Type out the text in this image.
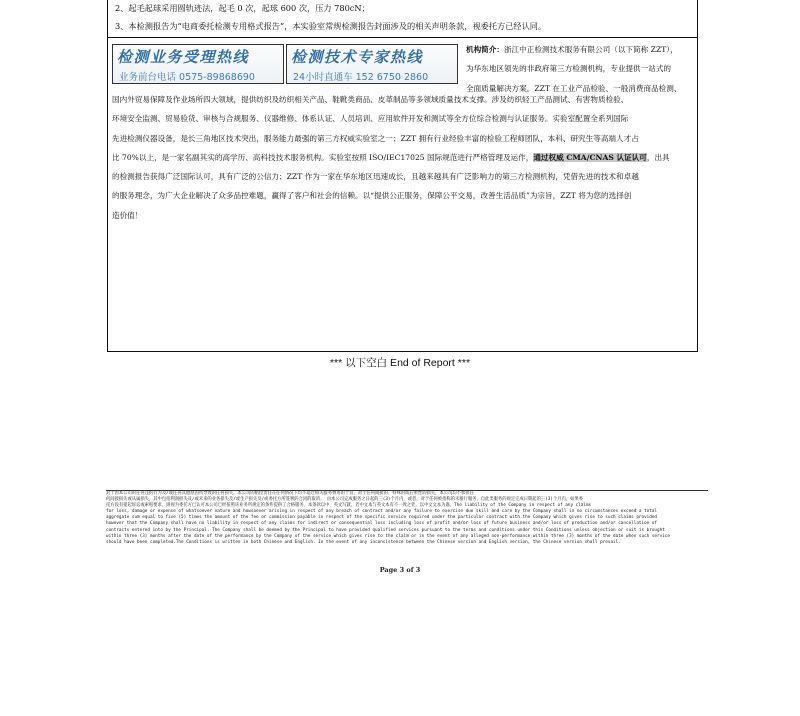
2、起毛起球采用圆轨迹法，起毛 0 次，起球 600 次，压力 780cN；
3、本检测报告为“电商委托检测专用格式报告”，本实验室常规检测报告封面涉及的相关声明条款，视委托方已经认同。
检测业务受理热线
业务前台电话 0575-89868690
检测技术专家热线
24小时直通车 152 6750 2860
机构简介：浙江中正检测技术服务有限公司（以下简称 ZZT），
为华东地区领先的非政府第三方检测机构，专业提供一站式的
全面质量解决方案。ZZT 在工业产品检验、一般消费商品检测、
国内外贸易保障及作业场所四大领域，提供纺织及纺织相关产品、鞋靴类商品、皮革制品等多领域质量技术支撑。涉及纺织轻工产品测试、有害物质检验、
环境安全监测、贸易验货、审核与合规服务、仪器维修、体系认证、人员培训、应用软件开发和测试等全方位综合检测与认证服务。实验室配置全系列国际
先进检测仪器设备，是长三角地区技术突出，服务能力最强的第三方权威实验室之一；ZZT 拥有行业经验丰富的检验工程师团队，本科、研究生等高端人才占
比 70%以上，是一家名副其实的高学历、高科技技术服务机构。实验室按照 ISO/IEC17025 国际规范进行严格管理及运作，通过权威 CMA/CNAS 认证认可，出具
的检测报告获得广泛国际认可，具有广泛的公信力；ZZT 作为一家在华东地区迅速成长，且越来越具有广泛影响力的第三方检测机构，凭借先进的技术和卓越
的服务理念，为广大企业解决了众多品控难题，赢得了客户和社会的信赖。以“提供公正服务，保障公平交易，改善生活品质”为宗旨，ZZT 将为您的选择创
造价值！
*** 以下空白 End of Report ***
对于因本公司的任何违约行为及/或任何其他原因所导致的任何损失，本公司的赔偿责任在任何情况下均不超过相关服务费用的十倍，对于任何间接的、特殊的或后果性的损失，本公司均不承担任
何间接损失或从属损失，其中包括利润损失及/或未来的业务损失及/或生产损失及/或委托方所签署的合同的取消。 由本公司完成服务之日起的三(3)个月内，或者，对于任何被指称的未履行服务，自此类服务的规定完成日期起的三(3)个月内，如果委
托方没有提起诉讼或索赔要求，则视为委托方已认可本公司已经按照该业务所规定的条件提供了合格服务。本条款以中、英文写就，若中文本与英文本有不一致之处，以中文文本为准。The liability of the Company in respect of any claims
for loss, damage or expense of whatsoever nature and howsoever arising in respect of any breach of contract and/or any failure to exercise due skill and care by the Company shall in no circumstances exceed a total
aggregate sum equal to five (5) times the amount of the fee or commission payable in respect of the specific service required under the particular contract with the Company which gives rise to such claims provided
however that the Company shall have no liability in respect of any claims for indirect or consequential loss including loss of profit and/or loss of future business and/or loss of production and/or cancellation of
contracts entered into by the Principal. The Company shall be deemed by the Principal to have provided qualified services pursuant to the terms and conditions under this Conditions unless objection or suit is brought
within three (3) months after the date of the performance by the Company of the service which gives rise to the claim or in the event of any alleged non-performance within three (3) months of the date when such service
should have been completed.The Conditions is written in both Chinese and English. In the event of any inconsistence between the Chinese version and English version, the Chinese version shall prevail.
Page 3 of 3
